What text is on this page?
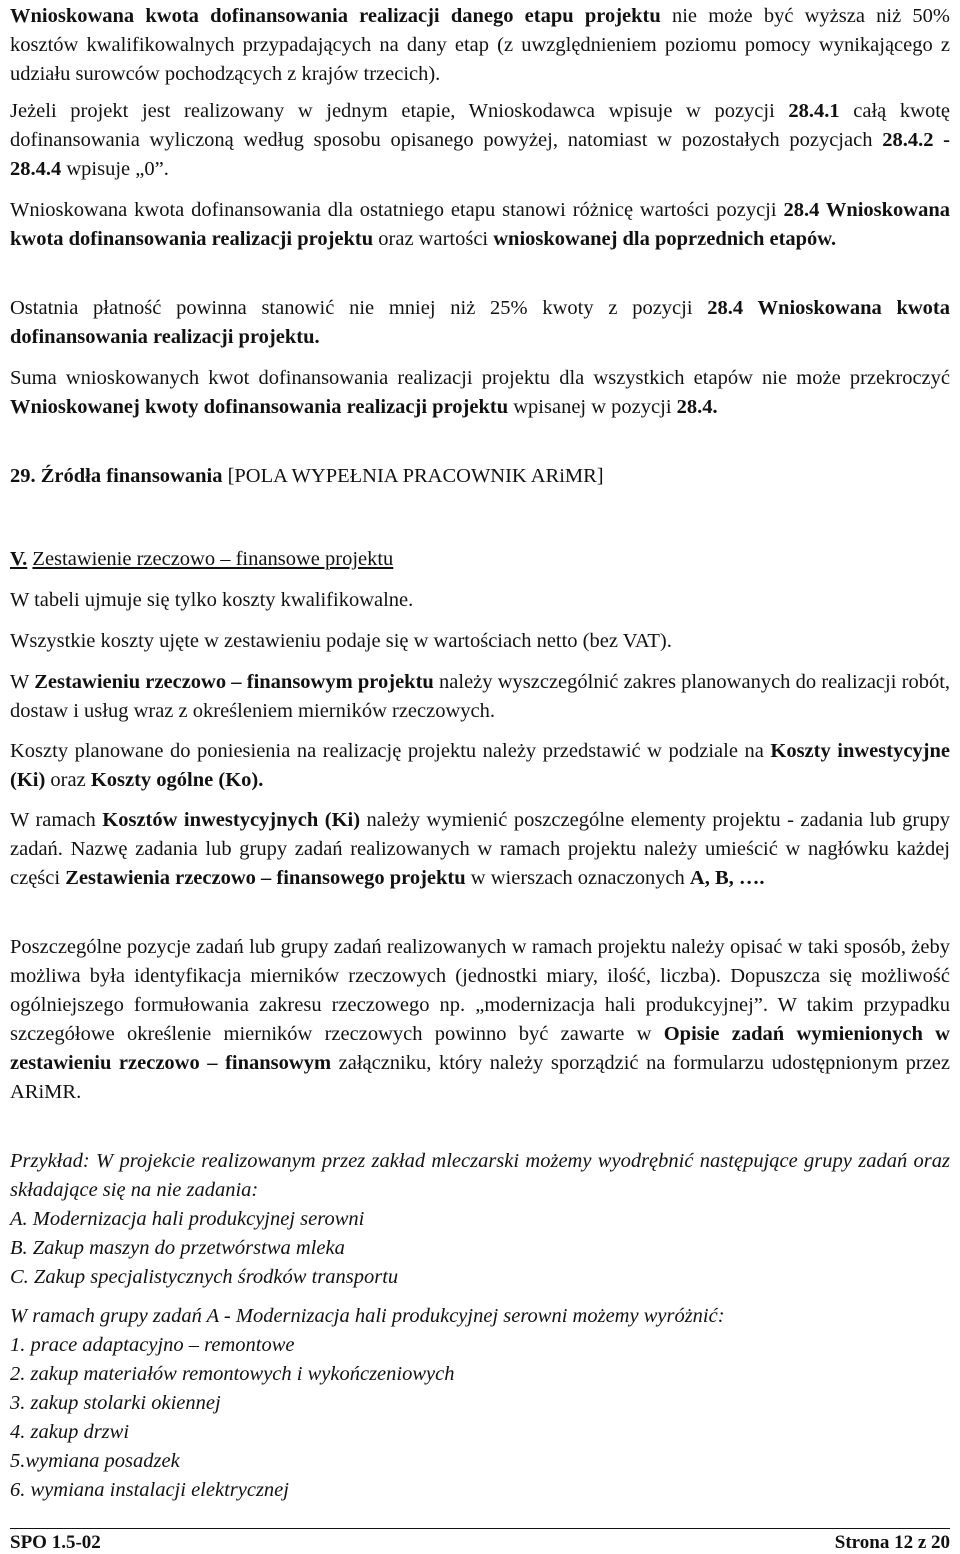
Wnioskowana kwota dofinansowania realizacji danego etapu projektu nie może być wyższa niż 50% kosztów kwalifikowalnych przypadających na dany etap (z uwzględnieniem poziomu pomocy wynikającego z udziału surowców pochodzących z krajów trzecich).

Jeżeli projekt jest realizowany w jednym etapie, Wnioskodawca wpisuje w pozycji 28.4.1 całą kwotę dofinansowania wyliczoną według sposobu opisanego powyżej, natomiast w pozostałych pozycjach 28.4.2 - 28.4.4 wpisuje „0”.

Wnioskowana kwota dofinansowania dla ostatniego etapu stanowi różnicę wartości pozycji 28.4 Wnioskowana kwota dofinansowania realizacji projektu oraz wartości wnioskowanej dla poprzednich etapów.

Ostatnia płatność powinna stanowić nie mniej niż 25% kwoty z pozycji 28.4 Wnioskowana kwota dofinansowania realizacji projektu.

Suma wnioskowanych kwot dofinansowania realizacji projektu dla wszystkich etapów nie może przekroczyć Wnioskowanej kwoty dofinansowania realizacji projektu wpisanej w pozycji 28.4.

29. Źródła finansowania [POLA WYPEŁNIA PRACOWNIK ARiMR]

V. Zestawienie rzeczowo – finansowe projektu

W tabeli ujmuje się tylko koszty kwalifikowalne.

Wszystkie koszty ujęte w zestawieniu podaje się w wartościach netto (bez VAT).

W Zestawieniu rzeczowo – finansowym projektu należy wyszczególnić zakres planowanych do realizacji robót, dostaw i usług wraz z określeniem mierników rzeczowych.

Koszty planowane do poniesienia na realizację projektu należy przedstawić w podziale na Koszty inwestycyjne (Ki) oraz Koszty ogólne (Ko).

W ramach Kosztów inwestycyjnych (Ki) należy wymienić poszczególne elementy projektu - zadania lub grupy zadań. Nazwę zadania lub grupy zadań realizowanych w ramach projektu należy umieścić w nagłówku każdej części Zestawienia rzeczowo – finansowego projektu w wierszach oznaczonych A, B, ….

Poszczególne pozycje zadań lub grupy zadań realizowanych w ramach projektu należy opisać w taki sposób, żeby możliwa była identyfikacja mierników rzeczowych (jednostki miary, ilość, liczba). Dopuszcza się możliwość ogólniejszego formułowania zakresu rzeczowego np. „modernizacja hali produkcyjnej”. W takim przypadku szczegółowe określenie mierników rzeczowych powinno być zawarte w Opisie zadań wymienionych w zestawieniu rzeczowo – finansowym załączniku, który należy sporządzić na formularzu udostępnionym przez ARiMR.

Przykład: W projekcie realizowanym przez zakład mleczarski możemy wyodrębnić następujące grupy zadań oraz składające się na nie zadania:

A. Modernizacja hali produkcyjnej serowni

B. Zakup maszyn do przetwórstwa mleka

C. Zakup specjalistycznych środków transportu

W ramach grupy zadań A - Modernizacja hali produkcyjnej serowni możemy wyróżnić:

1. prace adaptacyjno – remontowe

2. zakup materiałów remontowych i wykończeniowych

3. zakup stolarki okiennej

4. zakup drzwi

5.wymiana posadzek

6. wymiana instalacji elektrycznej

SPO 1.5-02	Strona 12 z 20
